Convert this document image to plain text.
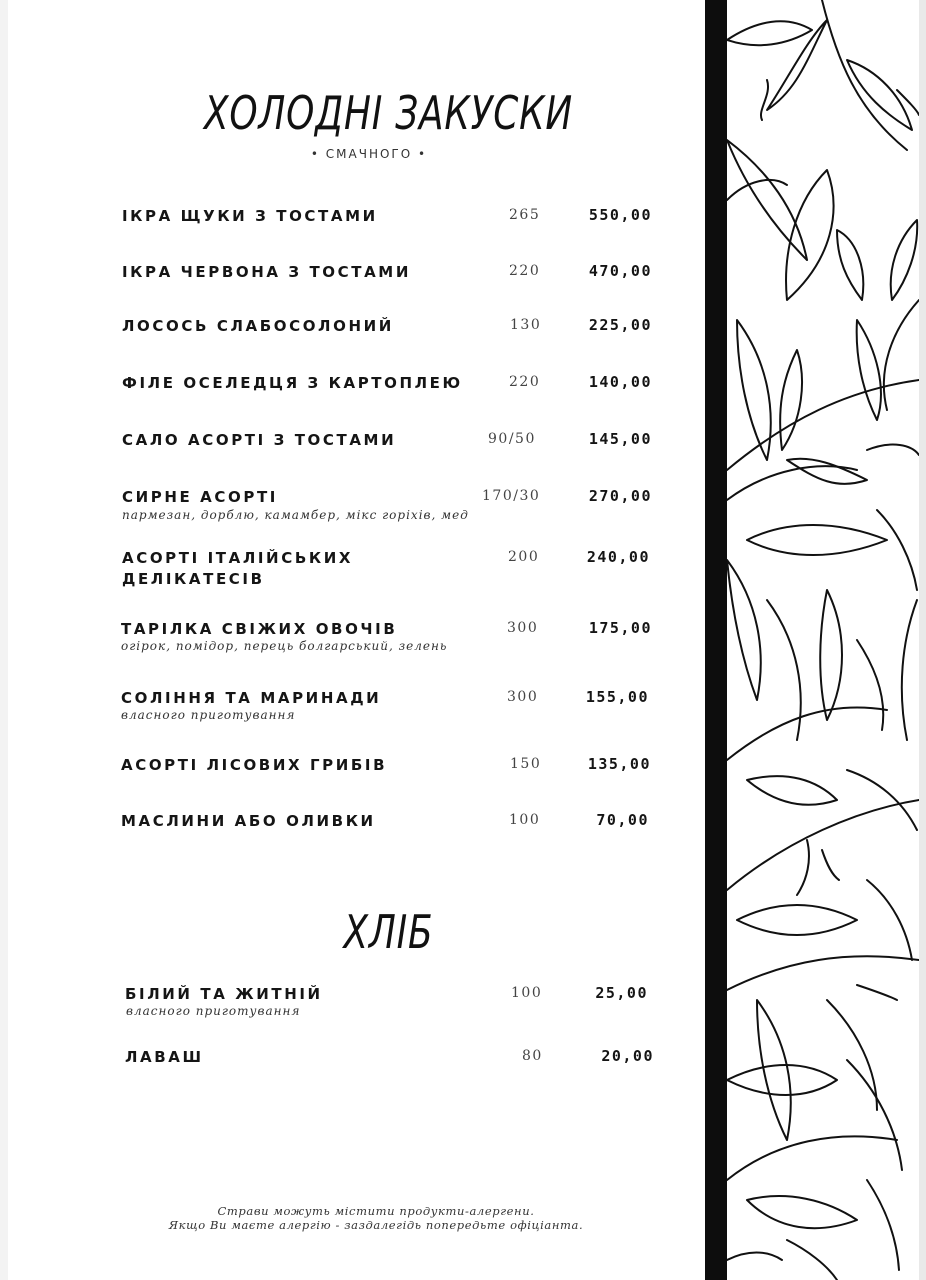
ХОЛОДНІ ЗАКУСКИ
• СМАЧНОГО •
ІКРА ЩУКИ З ТОСТАМИ	265	550,00
ІКРА ЧЕРВОНА З ТОСТАМИ	220	470,00
ЛОСОСЬ СЛАБОСОЛОНИЙ	130	225,00
ФІЛЕ ОСЕЛЕДЦЯ З КАРТОПЛЕЮ	220	140,00
САЛО АСОРТІ З ТОСТАМИ	90/50	145,00
СИРНЕ АСОРТІ
пармезан, дорблю, камамбер, мікс горіхів, мед
170/30	270,00
АСОРТІ ІТАЛІЙСЬКИХ
ДЕЛІКАТЕСІВ
200	240,00
ТАРІЛКА СВІЖИХ ОВОЧІВ
огірок, помідор, перець болгарський, зелень
300	175,00
СОЛІННЯ ТА МАРИНАДИ
власного приготування
300	155,00
АСОРТІ ЛІСОВИХ ГРИБІВ	150	135,00
МАСЛИНИ АБО ОЛИВКИ	100	70,00
ХЛІБ
БІЛИЙ ТА ЖИТНІЙ
власного приготування
100	25,00
ЛАВАШ	80	20,00
Страви можуть містити продукти-алергени.
Якщо Ви маєте алергію - заздалегідь попередьте офіціанта.
